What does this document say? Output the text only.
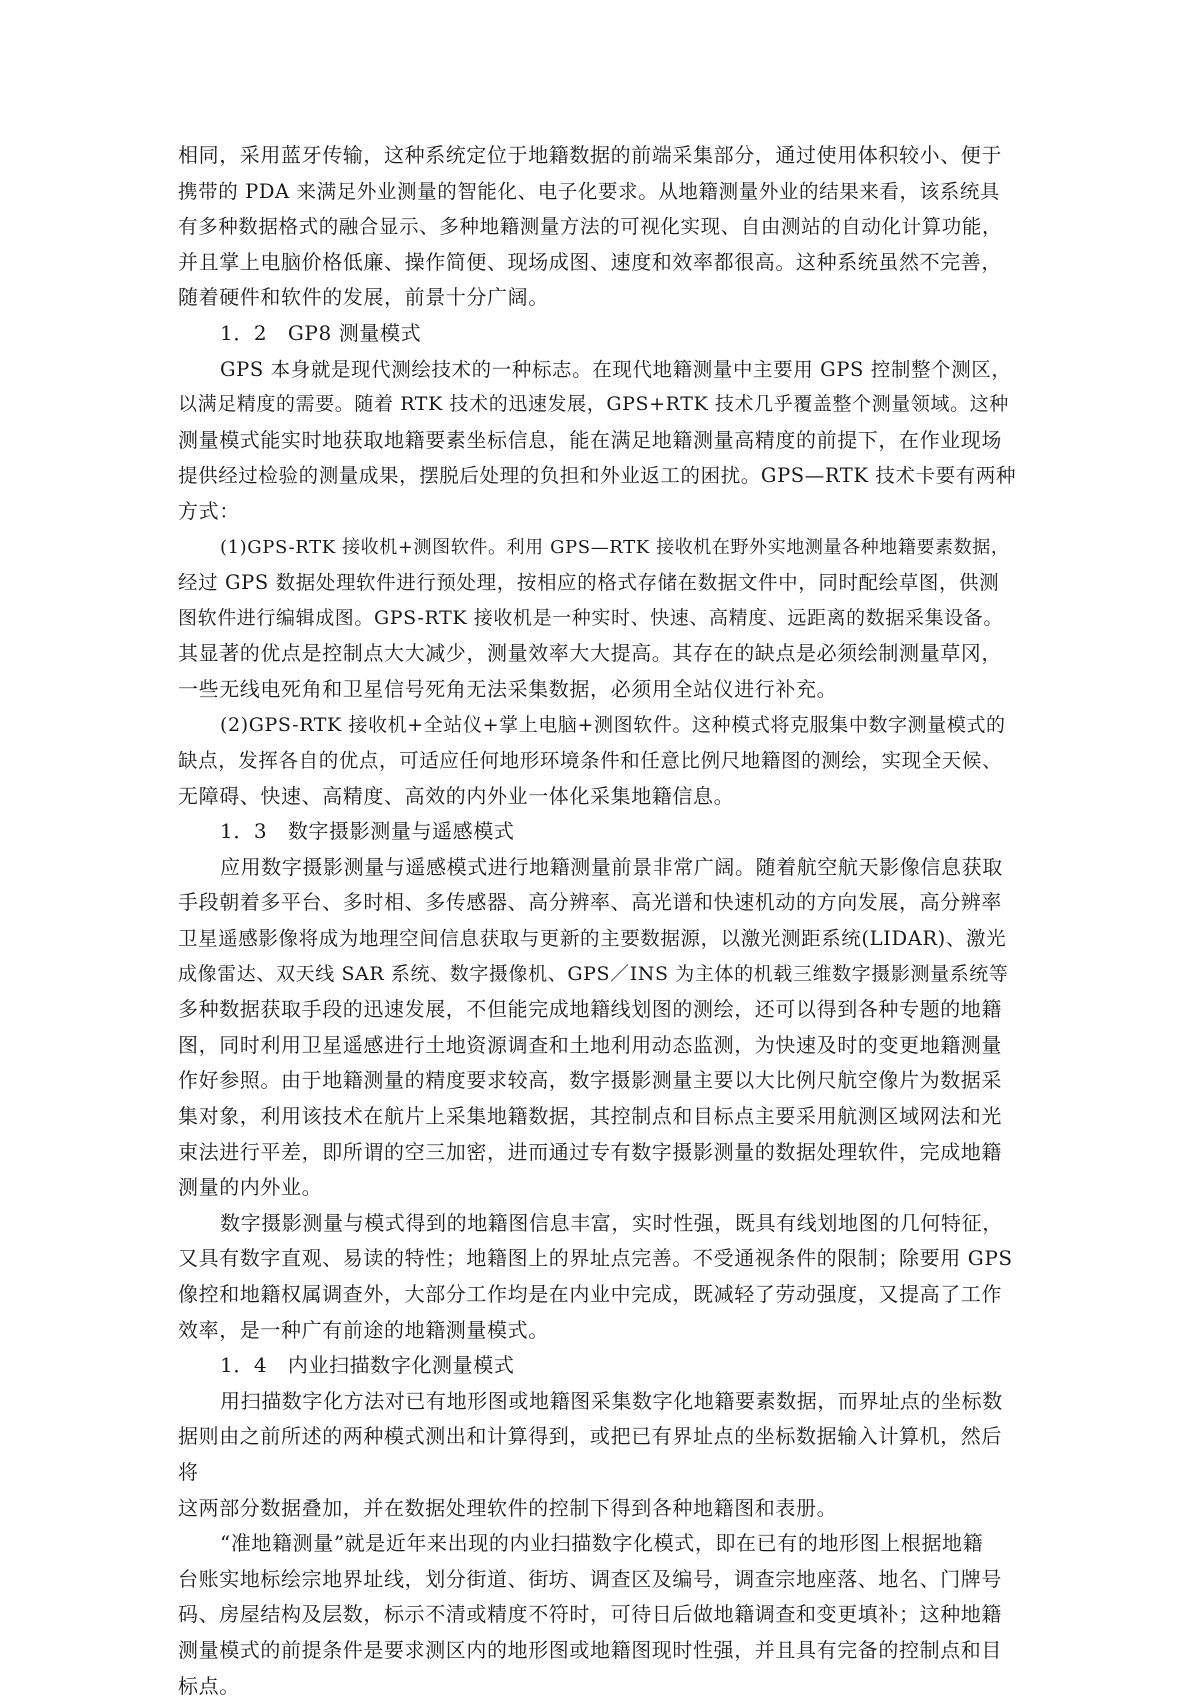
相同，采用蓝牙传输，这种系统定位于地籍数据的前端采集部分，通过使用体积较小、便于
携带的 PDA 来满足外业测量的智能化、电子化要求。从地籍测量外业的结果来看，该系统具
有多种数据格式的融合显示、多种地籍测量方法的可视化实现、自由测站的自动化计算功能，
并且掌上电脑价格低廉、操作简便、现场成图、速度和效率都很高。这种系统虽然不完善，
随着硬件和软件的发展，前景十分广阔。
1．2　GP8 测量模式
GPS 本身就是现代测绘技术的一种标志。在现代地籍测量中主要用 GPS 控制整个测区，
以满足精度的需要。随着 RTK 技术的迅速发展，GPS+RTK 技术几乎覆盖整个测量领域。这种
测量模式能实时地获取地籍要素坐标信息，能在满足地籍测量高精度的前提下，在作业现场
提供经过检验的测量成果，摆脱后处理的负担和外业返工的困扰。GPS—RTK 技术卡要有两种
方式：
(1)GPS-RTK 接收机+测图软件。利用 GPS—RTK 接收机在野外实地测量各种地籍要素数据，
经过 GPS 数据处理软件进行预处理，按相应的格式存储在数据文件中，同时配绘草图，供测
图软件进行编辑成图。GPS-RTK 接收机是一种实时、快速、高精度、远距离的数据采集设备。
其显著的优点是控制点大大减少，测量效率大大提高。其存在的缺点是必须绘制测量草冈，
一些无线电死角和卫星信号死角无法采集数据，必须用全站仪进行补充。
(2)GPS-RTK 接收机+全站仪+掌上电脑+测图软件。这种模式将克服集中数字测量模式的
缺点，发挥各自的优点，可适应任何地形环境条件和任意比例尺地籍图的测绘，实现全天候、
无障碍、快速、高精度、高效的内外业一体化采集地籍信息。
1．3　数字摄影测量与遥感模式
应用数字摄影测量与遥感模式进行地籍测量前景非常广阔。随着航空航天影像信息获取
手段朝着多平台、多时相、多传感器、高分辨率、高光谱和快速机动的方向发展，高分辨率
卫星遥感影像将成为地理空间信息获取与更新的主要数据源，以激光测距系统(LIDAR)、激光
成像雷达、双天线 SAR 系统、数字摄像机、GPS／INS 为主体的机载三维数字摄影测量系统等
多种数据获取手段的迅速发展，不但能完成地籍线划图的测绘，还可以得到各种专题的地籍
图，同时利用卫星遥感进行土地资源调查和土地利用动态监测，为快速及时的变更地籍测量
作好参照。由于地籍测量的精度要求较高，数字摄影测量主要以大比例尺航空像片为数据采
集对象，利用该技术在航片上采集地籍数据，其控制点和目标点主要采用航测区域网法和光
束法进行平差，即所谓的空三加密，进而通过专有数字摄影测量的数据处理软件，完成地籍
测量的内外业。
数字摄影测量与模式得到的地籍图信息丰富，实时性强，既具有线划地图的几何特征，
又具有数字直观、易读的特性；地籍图上的界址点完善。不受通视条件的限制；除要用 GPS
像控和地籍权属调查外，大部分工作均是在内业中完成，既减轻了劳动强度，又提高了工作
效率，是一种广有前途的地籍测量模式。
1．4　内业扫描数字化测量模式
用扫描数字化方法对已有地形图或地籍图采集数字化地籍要素数据，而界址点的坐标数
据则由之前所述的两种模式测出和计算得到，或把已有界址点的坐标数据输入计算机，然后
将
这两部分数据叠加，并在数据处理软件的控制下得到各种地籍图和表册。
“准地籍测量”就是近年来出现的内业扫描数字化模式，即在已有的地形图上根据地籍
台账实地标绘宗地界址线，划分街道、街坊、调查区及编号，调查宗地座落、地名、门牌号
码、房屋结构及层数，标示不清或精度不符时，可待日后做地籍调查和变更填补；这种地籍
测量模式的前提条件是要求测区内的地形图或地籍图现时性强，并且具有完备的控制点和目
标点。
